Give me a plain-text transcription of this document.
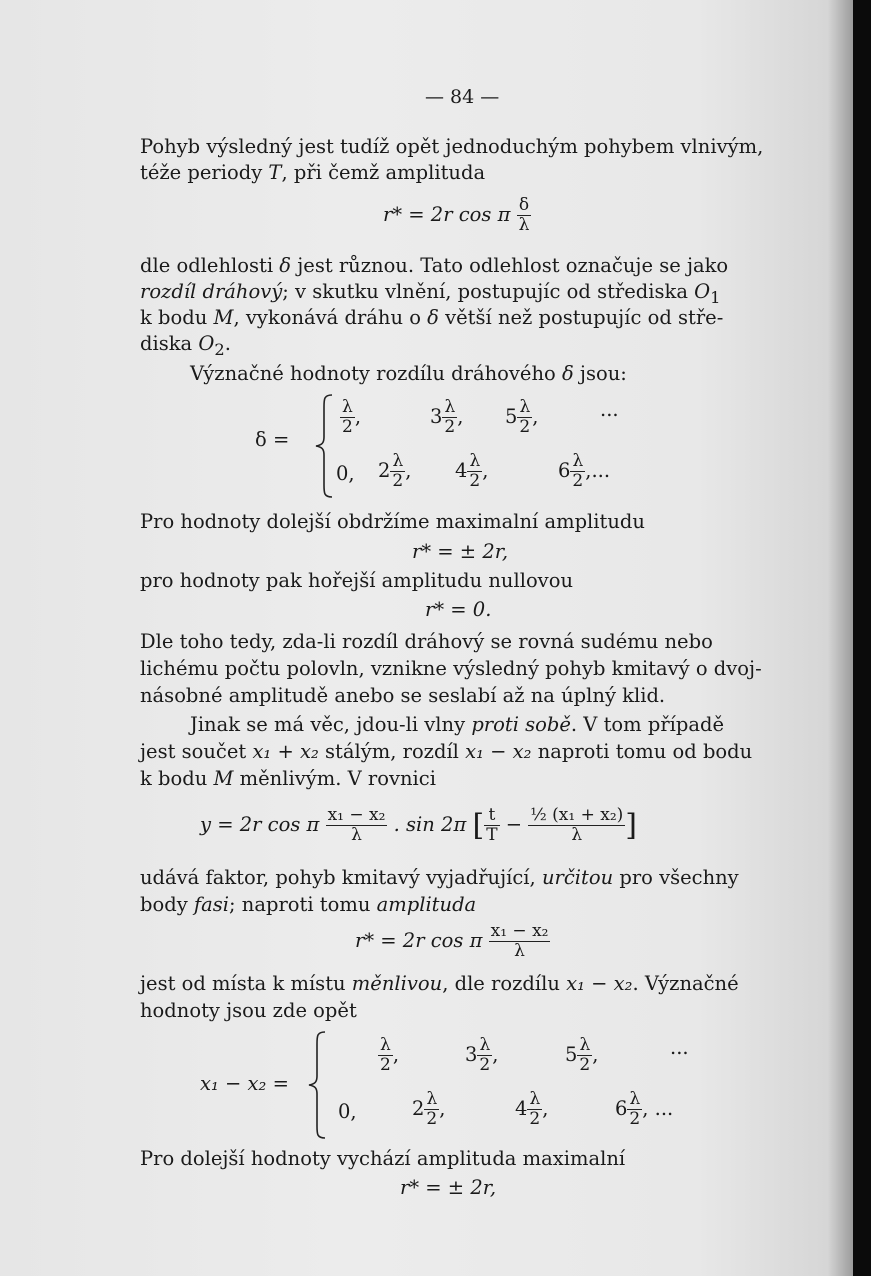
— 84 —
Pohyb výsledný jest tudíž opět jednoduchým pohybem vlnivým,
téže periody T, při čemž amplituda
r* = 2r cos π $\frac{\delta}{\lambda}$
dle odlehlosti δ jest různou. Tato odlehlost označuje se jako
rozdíl dráhový; v skutku vlnění, postupujíc od střediska $O_1$
k bodu M, vykonává dráhu o δ větší než postupujíc od stře-
diska $O_2$.
Význačné hodnoty rozdílu dráhového δ jsou:
δ =
$\frac{\lambda}{2}$ ,	$3 \frac{\lambda}{2}$ , $5 \frac{\lambda}{2}$ ,	...
0, $2 \frac{\lambda}{2}$ , $4 \frac{\lambda}{2}$ ,	$6 \frac{\lambda}{2}$ ,...
Pro hodnoty dolejší obdržíme maximalní amplitudu
r* = ± 2r,
pro hodnoty pak hořejší amplitudu nullovou
r* = 0.
Dle toho tedy, zda-li rozdíl dráhový se rovná sudému nebo
lichému počtu polovln, vznikne výsledný pohyb kmitavý o dvoj-
násobné amplitudě anebo se seslabí až na úplný klid.
Jinak se má věc, jdou-li vlny proti sobě. V tom případě
jest součet x₁ + x₂ stálým, rozdíl x₁ − x₂ naproti tomu od bodu
k bodu M měnlivým. V rovnici
y = 2r cos π $\frac{\text{x₁ − x₂}}{\lambda}$ . sin 2π [ $\frac{t}{T} - \frac{\text{½ (x₁ + x₂)}}{\lambda}$ ]
udává faktor, pohyb kmitavý vyjadřující, určitou pro všechny
body fasi; naproti tomu amplituda
r* = 2r cos π $\frac{\text{x₁ − x₂}}{\lambda}$
jest od místa k místu měnlivou, dle rozdílu x₁ − x₂. Význačné
hodnoty jsou zde opět
x₁ − x₂ =
$\frac{\lambda}{2}$ ,	$3 \frac{\lambda}{2}$ ,	$5 \frac{\lambda}{2}$ ,	...
0,	$2 \frac{\lambda}{2}$ ,	$4 \frac{\lambda}{2}$ ,	$6 \frac{\lambda}{2}$ , ...
Pro dolejší hodnoty vychází amplituda maximalní
r* = ± 2r,
